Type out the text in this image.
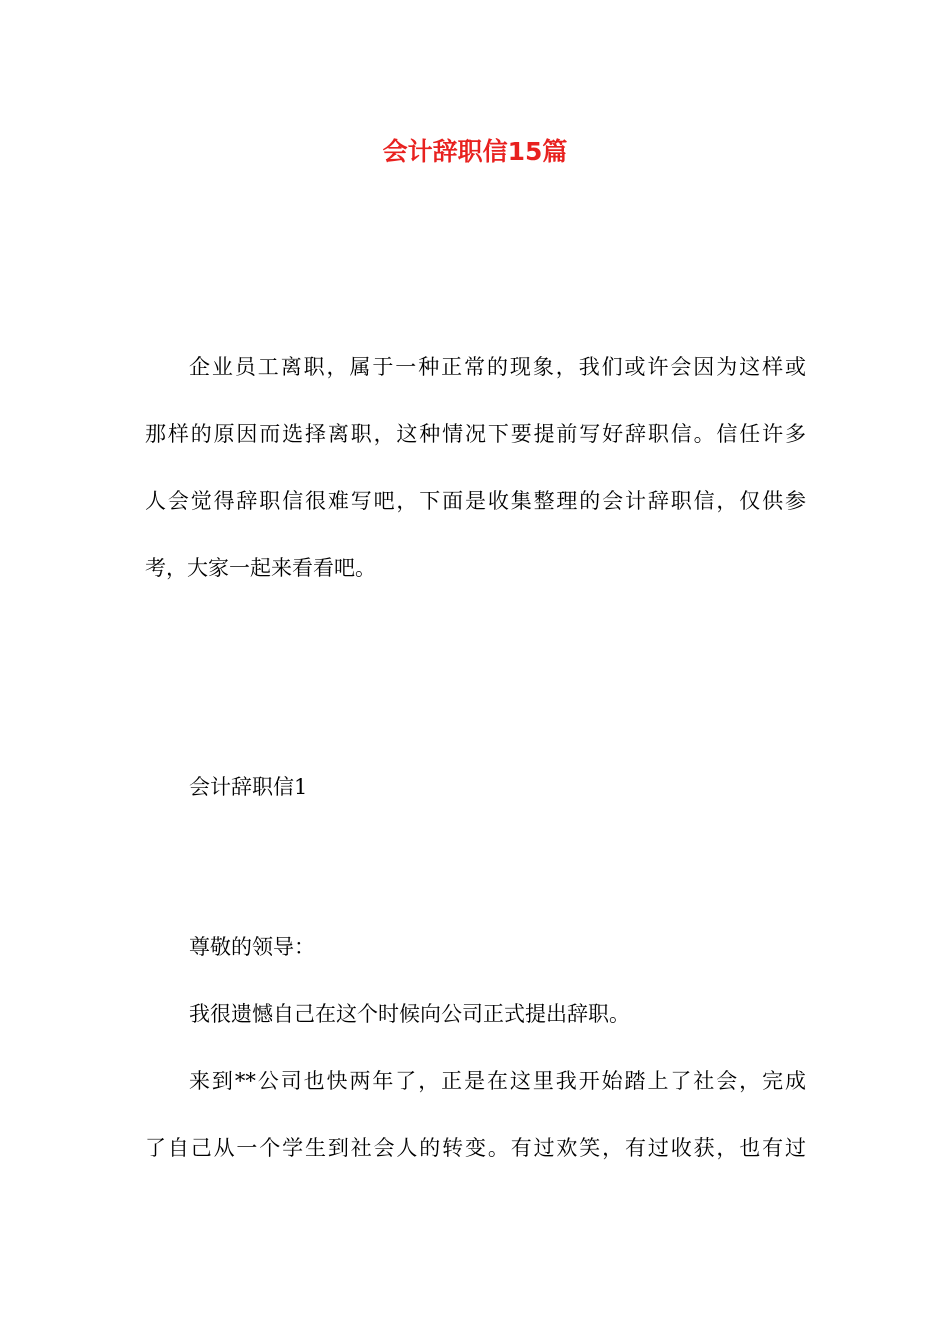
会计辞职信15篇
企业员工离职，属于一种正常的现象，我们或许会因为这样或
那样的原因而选择离职，这种情况下要提前写好辞职信。信任许多
人会觉得辞职信很难写吧，下面是收集整理的会计辞职信，仅供参
考，大家一起来看看吧。
会计辞职信1
尊敬的领导：
我很遗憾自己在这个时候向公司正式提出辞职。
来到**公司也快两年了，正是在这里我开始踏上了社会，完成
了自己从一个学生到社会人的转变。有过欢笑，有过收获，也有过
